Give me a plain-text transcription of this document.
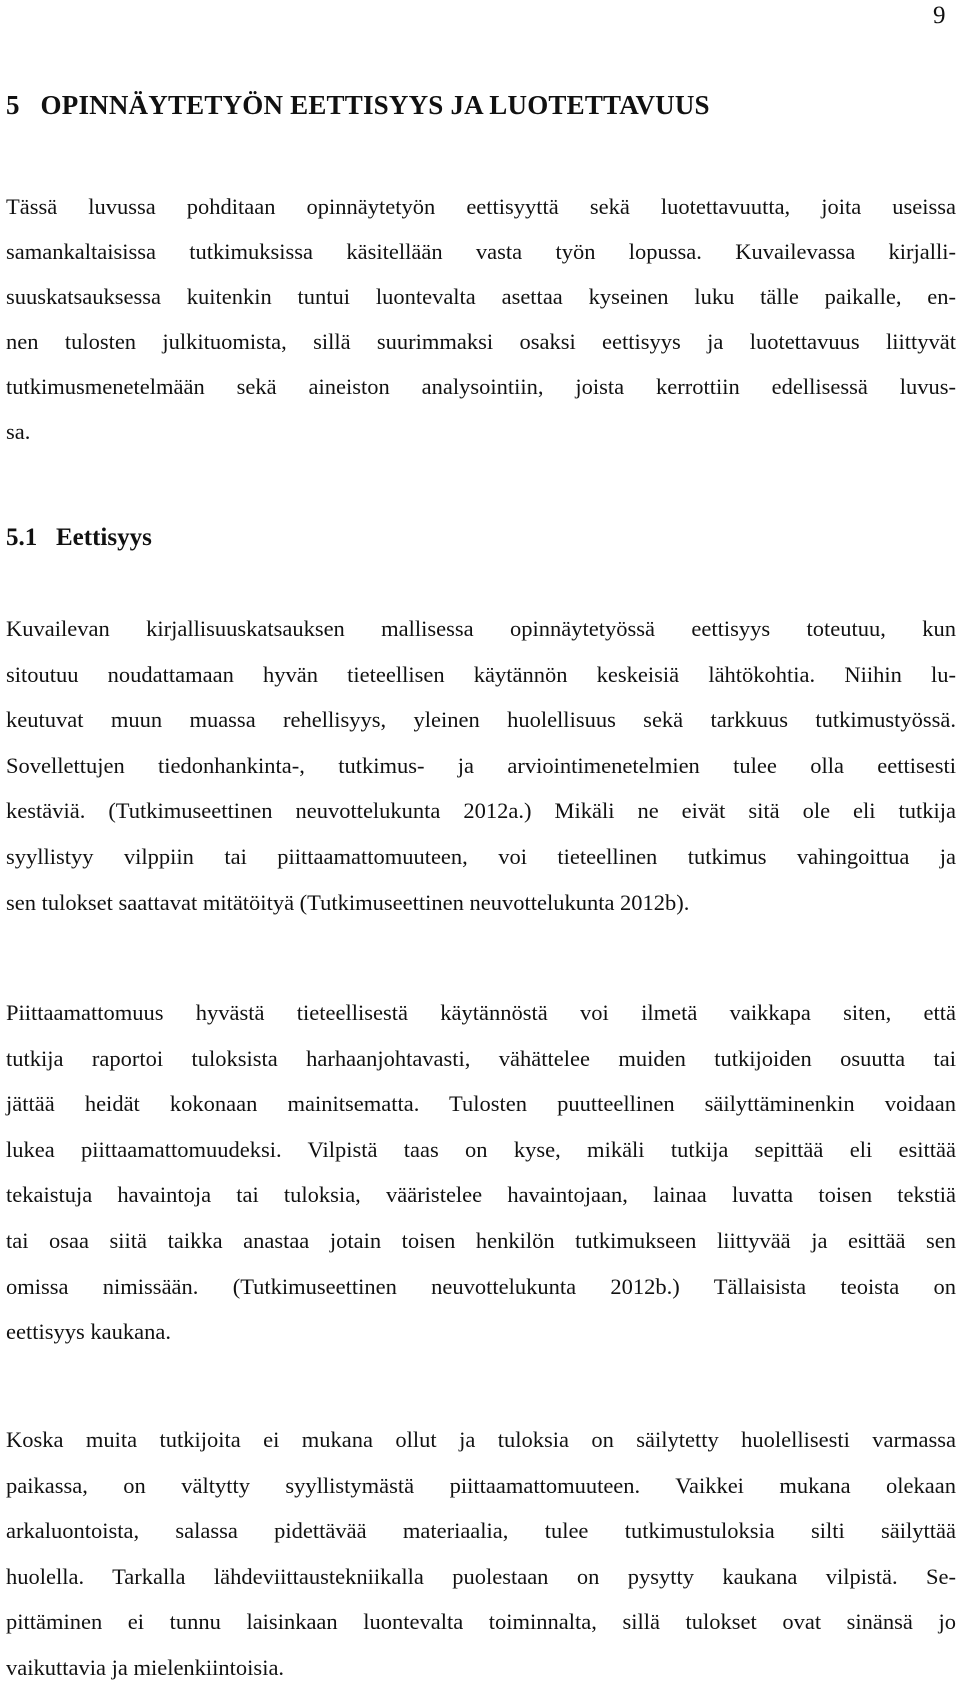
9
5   OPINNÄYTETYÖN EETTISYYS JA LUOTETTAVUUS
Tässä luvussa pohditaan opinnäytetyön eettisyyttä sekä luotettavuutta, joita useissa
samankaltaisissa tutkimuksissa käsitellään vasta työn lopussa. Kuvailevassa kirjalli-
suuskatsauksessa kuitenkin tuntui luontevalta asettaa kyseinen luku tälle paikalle, en-
nen tulosten julkituomista, sillä suurimmaksi osaksi eettisyys ja luotettavuus liittyvät
tutkimusmenetelmään sekä aineiston analysointiin, joista kerrottiin edellisessä luvus-
sa.
5.1   Eettisyys
Kuvailevan kirjallisuuskatsauksen mallisessa opinnäytetyössä eettisyys toteutuu, kun
sitoutuu noudattamaan hyvän tieteellisen käytännön keskeisiä lähtökohtia. Niihin lu-
keutuvat muun muassa rehellisyys, yleinen huolellisuus sekä tarkkuus tutkimustyössä.
Sovellettujen tiedonhankinta-, tutkimus- ja arviointimenetelmien tulee olla eettisesti
kestäviä. (Tutkimuseettinen neuvottelukunta 2012a.) Mikäli ne eivät sitä ole eli tutkija
syyllistyy vilppiin tai piittaamattomuuteen, voi tieteellinen tutkimus vahingoittua ja
sen tulokset saattavat mitätöityä (Tutkimuseettinen neuvottelukunta 2012b).
Piittaamattomuus hyvästä tieteellisestä käytännöstä voi ilmetä vaikkapa siten, että
tutkija raportoi tuloksista harhaanjohtavasti, vähättelee muiden tutkijoiden osuutta tai
jättää heidät kokonaan mainitsematta. Tulosten puutteellinen säilyttäminenkin voidaan
lukea piittaamattomuudeksi. Vilpistä taas on kyse, mikäli tutkija sepittää eli esittää
tekaistuja havaintoja tai tuloksia, vääristelee havaintojaan, lainaa luvatta toisen tekstiä
tai osaa siitä taikka anastaa jotain toisen henkilön tutkimukseen liittyvää ja esittää sen
omissa nimissään. (Tutkimuseettinen neuvottelukunta 2012b.) Tällaisista teoista on
eettisyys kaukana.
Koska muita tutkijoita ei mukana ollut ja tuloksia on säilytetty huolellisesti varmassa
paikassa, on vältytty syyllistymästä piittaamattomuuteen. Vaikkei mukana olekaan
arkaluontoista, salassa pidettävää materiaalia, tulee tutkimustuloksia silti säilyttää
huolella. Tarkalla lähdeviittaustekniikalla puolestaan on pysytty kaukana vilpistä. Se-
pittäminen ei tunnu laisinkaan luontevalta toiminnalta, sillä tulokset ovat sinänsä jo
vaikuttavia ja mielenkiintoisia.
